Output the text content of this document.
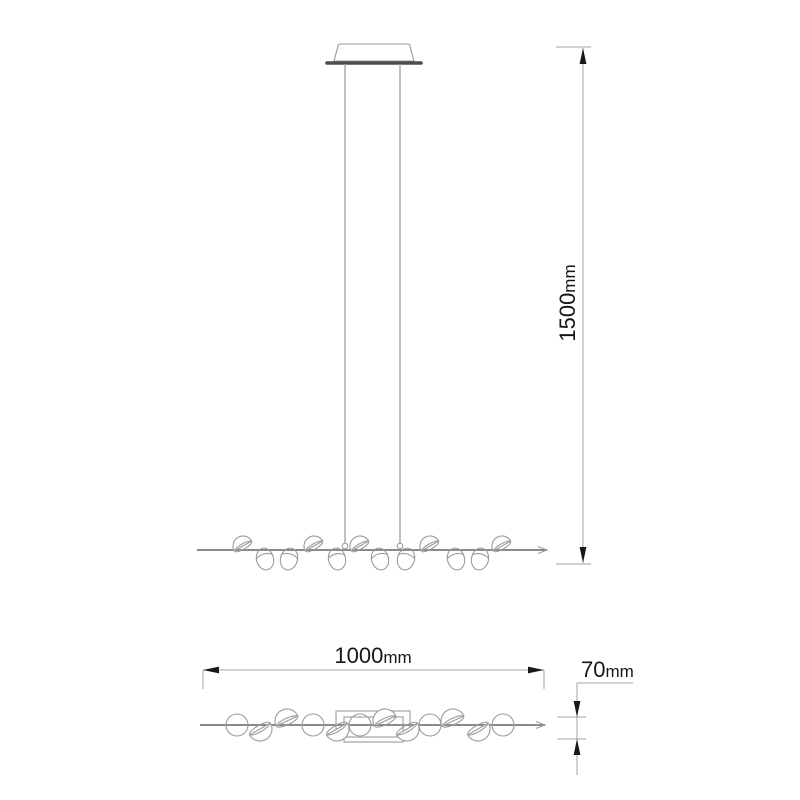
1500mm
1000mm	70mm
